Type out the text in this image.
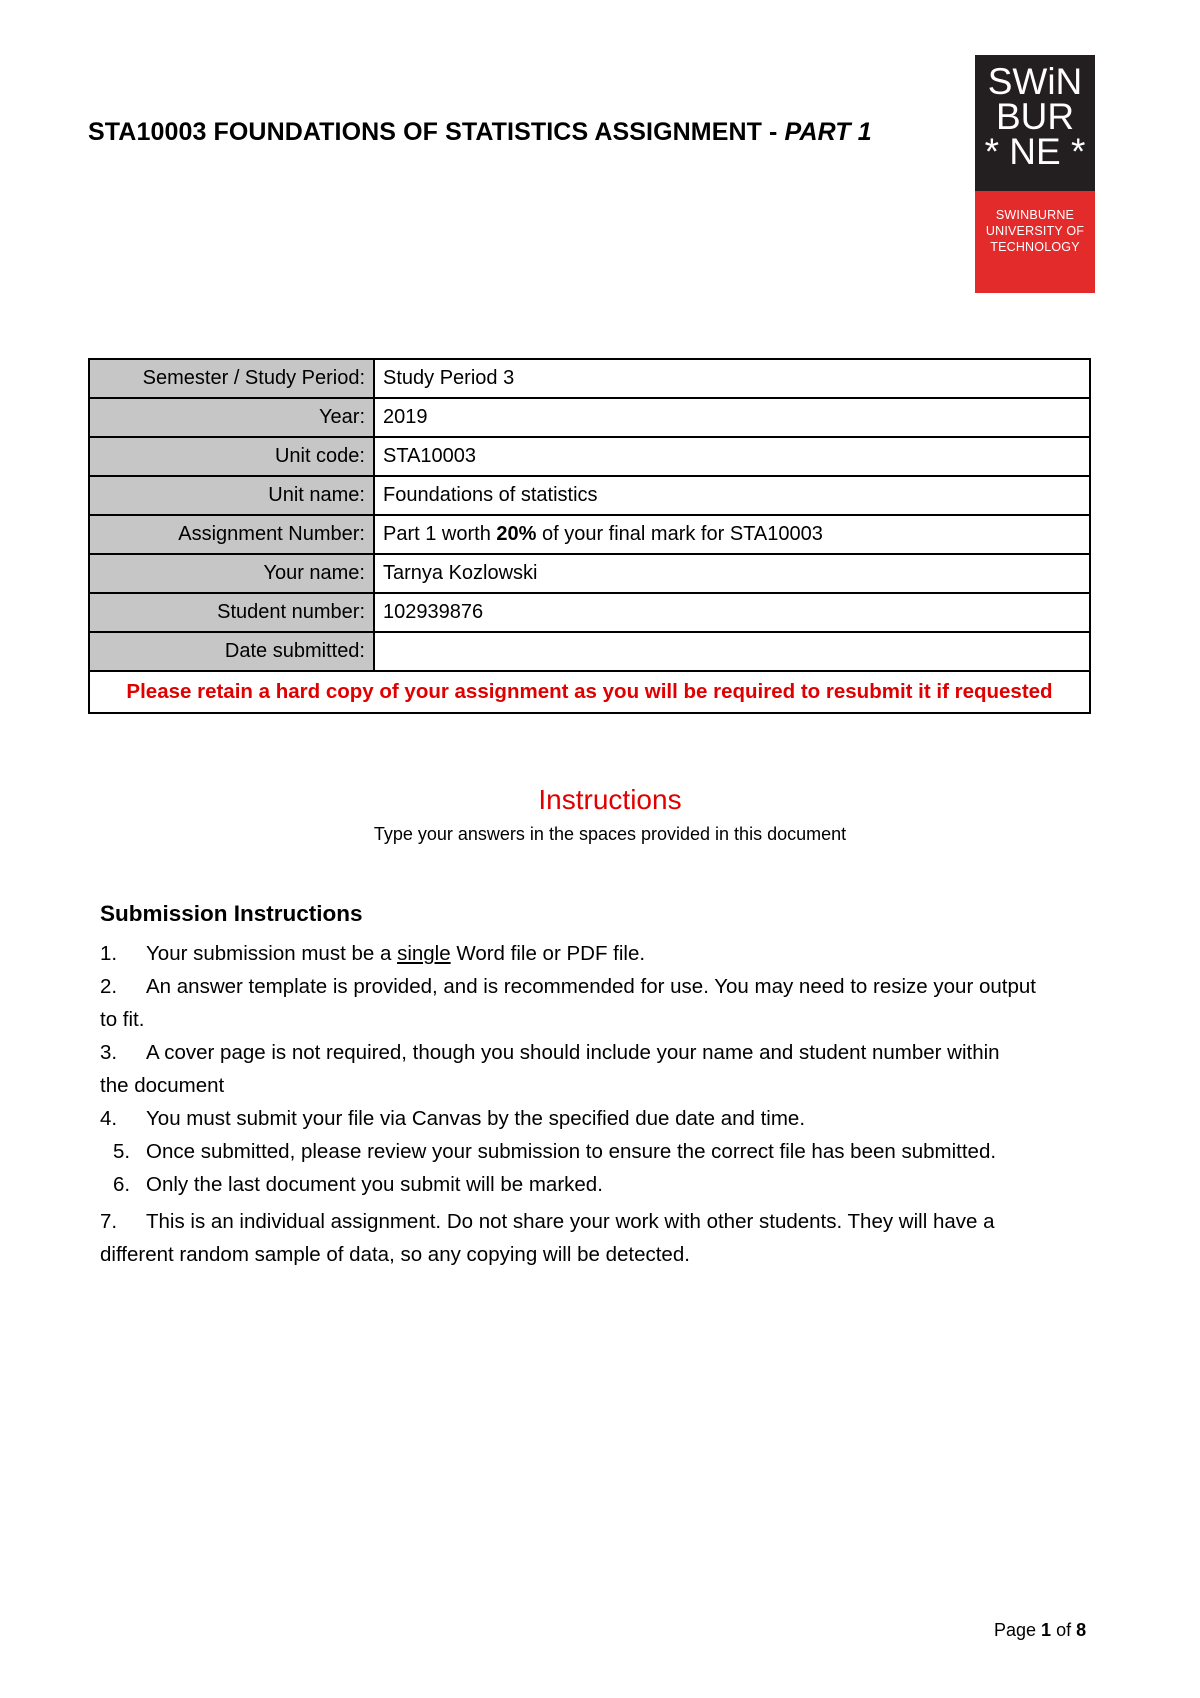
STA10003 FOUNDATIONS OF STATISTICS ASSIGNMENT - PART 1
SWiN
BUR
* NE *
SWINBURNE
UNIVERSITY OF
TECHNOLOGY
Semester / Study Period:	Study Period 3
Year:	2019
Unit code:	STA10003
Unit name:	Foundations of statistics
Assignment Number:	Part 1 worth 20% of your final mark for STA10003
Your name:	Tarnya Kozlowski
Student number:	102939876
Date submitted:	
Please retain a hard copy of your assignment as you will be required to resubmit it if requested	
Instructions
Type your answers in the spaces provided in this document
Submission Instructions
1. Your submission must be a single Word file or PDF file.
2. An answer template is provided, and is recommended for use. You may need to resize your output
to fit.
3. A cover page is not required, though you should include your name and student number within
the document
4. You must submit your file via Canvas by the specified due date and time.
5. Once submitted, please review your submission to ensure the correct file has been submitted.
6. Only the last document you submit will be marked.
7. This is an individual assignment. Do not share your work with other students. They will have a
different random sample of data, so any copying will be detected.
Page 1 of 8
